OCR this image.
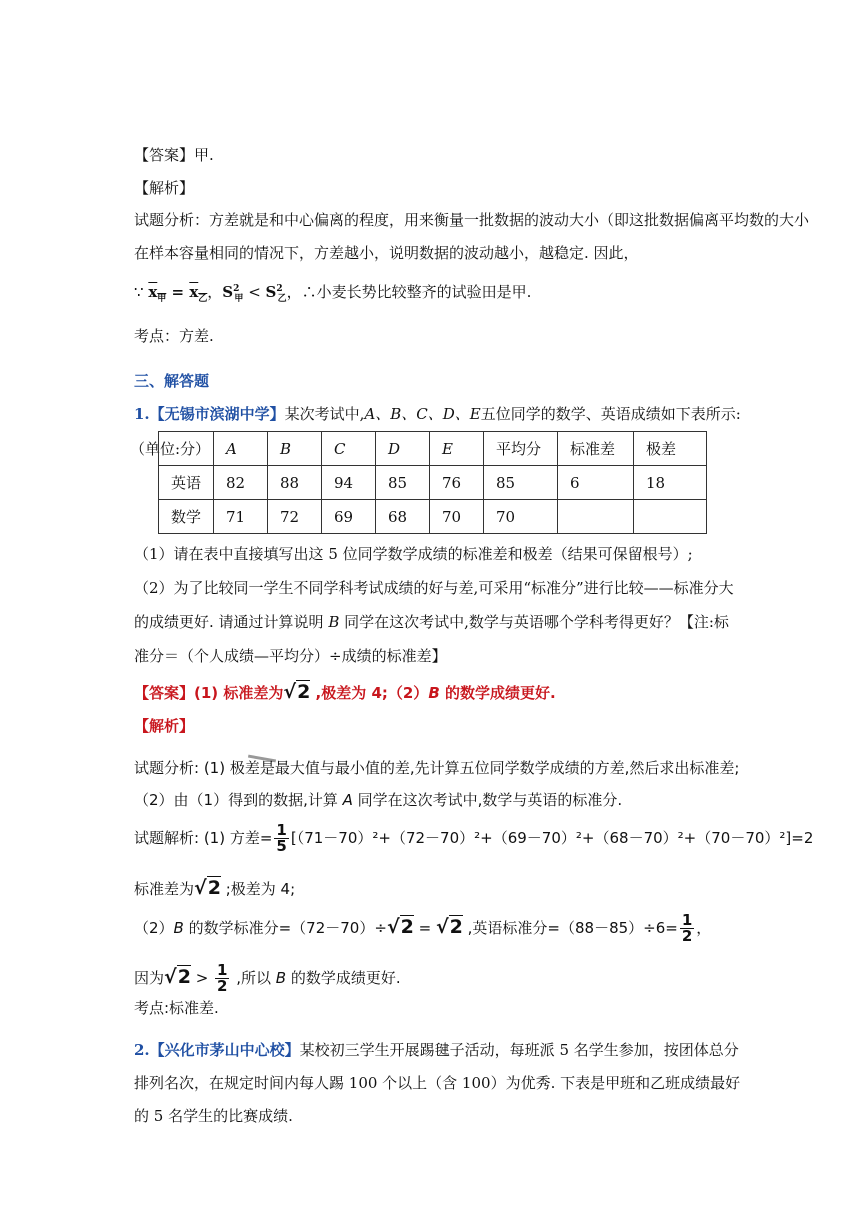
【答案】甲.
【解析】
试题分析：方差就是和中心偏离的程度，用来衡量一批数据的波动大小（即这批数据偏离平均数的大小
在样本容量相同的情况下，方差越小，说明数据的波动越小，越稳定. 因此，
∵ $x_甲 = x_乙$，$S^2_甲 < S^2_乙$，∴小麦长势比较整齐的试验田是甲.
考点：方差.
三、解答题
1.【无锡市滨湖中学】某次考试中,A、B、C、D、E五位同学的数学、英语成绩如下表所示:
（单位:分）
	A	B	C	D	E	平均分	标准差	极差
英语	82	88	94	85	76	85	6	18
数学	71	72	69	68	70	70		
（1）请在表中直接填写出这 5 位同学数学成绩的标准差和极差（结果可保留根号）;
（2）为了比较同一学生不同学科考试成绩的好与差,可采用“标准分”进行比较——标准分大
的成绩更好. 请通过计算说明 B 同学在这次考试中,数学与英语哪个学科考得更好？【注:标
准分＝（个人成绩—平均分）÷成绩的标准差】
【答案】(1) 标准差为√2 ,极差为 4;（2）B 的数学成绩更好.
【解析】
试题分析: (1) 极差是最大值与最小值的差,先计算五位同学数学成绩的方差,然后求出标准差;
（2）由（1）得到的数据,计算 A 同学在这次考试中,数学与英语的标准分.
试题解析: (1) 方差= $\frac{1}{5} [(71-70)^2+(72-70)^2+(69-70)^2+(68-70)^2+(70-70)^2]=2$
标准差为√2 ;极差为 4;
（2）B 的数学标准分=（72－70）÷√2 = √2 ,英语标准分$=(88-85)\div 6= \frac{1}{2}$ ，
因为$√2 > \frac{1}{2}$ ,所以 B 的数学成绩更好.
考点:标准差.
2.【兴化市茅山中心校】某校初三学生开展踢毽子活动，每班派 5 名学生参加，按团体总分
排列名次，在规定时间内每人踢 100 个以上（含 100）为优秀. 下表是甲班和乙班成绩最好
的 5 名学生的比赛成绩.
